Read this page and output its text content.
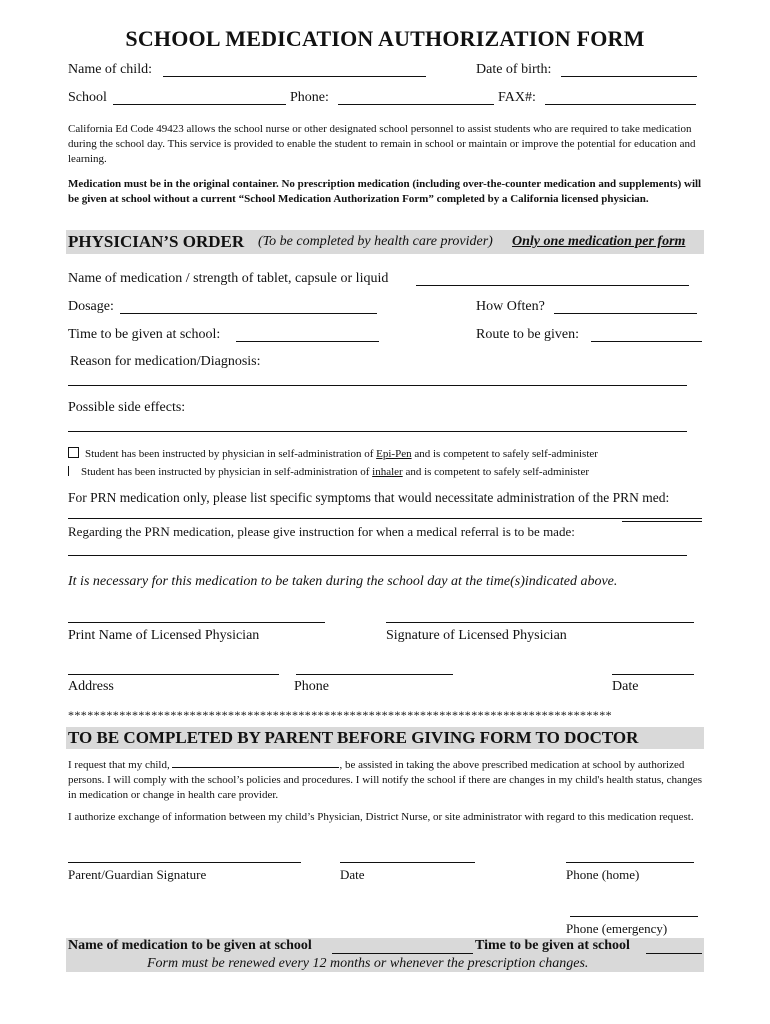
SCHOOL MEDICATION AUTHORIZATION FORM
Name of child:	Date of birth:
School	Phone:	FAX#:
California Ed Code 49423 allows the school nurse or other designated school personnel to assist students who are required to take medication during the school day. This service is provided to enable the student to remain in school or maintain or improve the potential for education and learning.
Medication must be in the original container. No prescription medication (including over-the-counter medication and supplements) will be given at school without a current “School Medication Authorization Form” completed by a California licensed physician.
PHYSICIAN’S ORDER (To be completed by health care provider) Only one medication per form
Name of medication / strength of tablet, capsule or liquid
Dosage:	How Often?
Time to be given at school:	Route to be given:
Reason for medication/Diagnosis:
Possible side effects:
Student has been instructed by physician in self-administration of Epi-Pen and is competent to safely self-administer
Student has been instructed by physician in self-administration of inhaler and is competent to safely self-administer
For PRN medication only, please list specific symptoms that would necessitate administration of the PRN med:
Regarding the PRN medication, please give instruction for when a medical referral is to be made:
It is necessary for this medication to be taken during the school day at the time(s)indicated above.
Print Name of Licensed Physician	Signature of Licensed Physician
Address	Phone	Date
*************************************************************************************
TO BE COMPLETED BY PARENT BEFORE GIVING FORM TO DOCTOR
I request that my child,	, be assisted in taking the above prescribed medication at school by authorized persons. I will comply with the school’s policies and procedures. I will notify the school if there are changes in my child's health status, changes in medication or change in health care provider.
I authorize exchange of information between my child’s Physician, District Nurse, or site administrator with regard to this medication request.
Parent/Guardian Signature	Date	Phone (home)
Phone (emergency)
Name of medication to be given at school	Time to be given at school
Form must be renewed every 12 months or whenever the prescription changes.
